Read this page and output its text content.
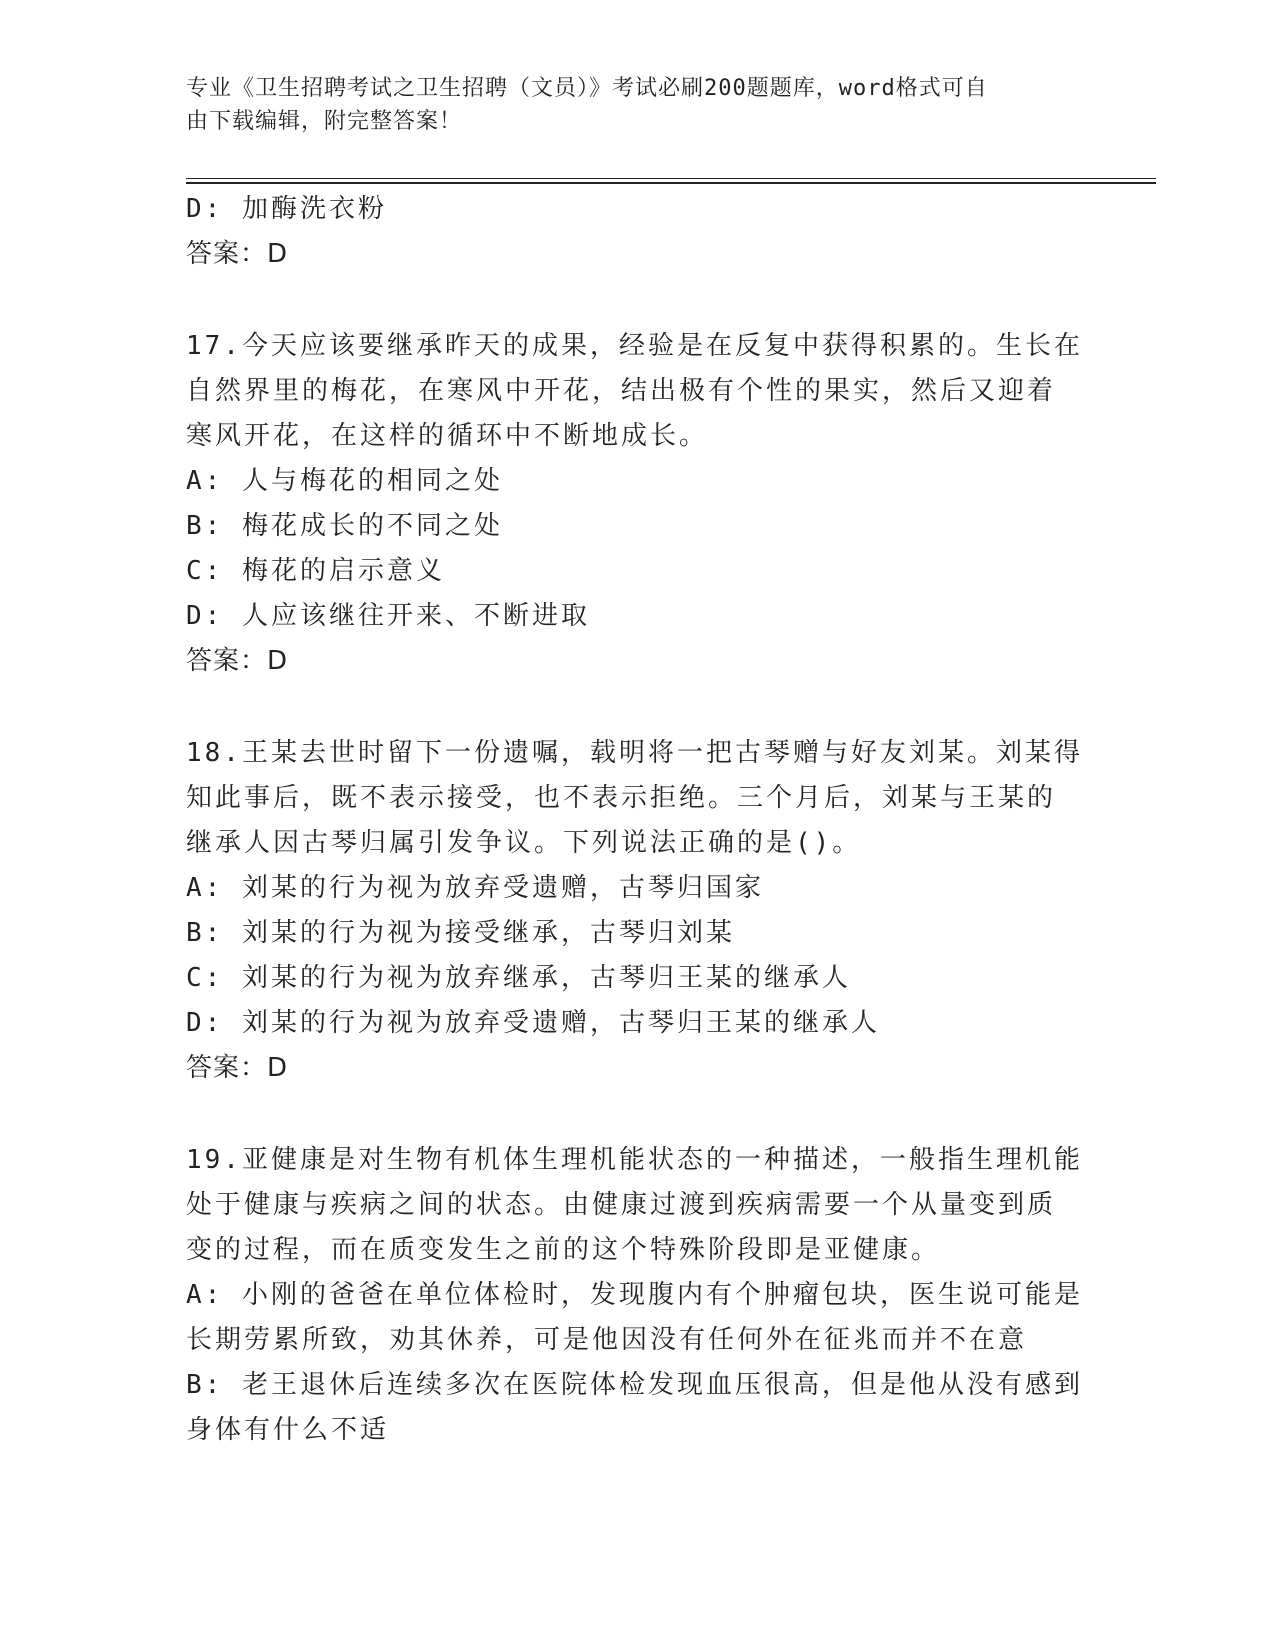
专业《卫生招聘考试之卫生招聘（文员）》考试必刷200题题库，word格式可自
由下载编辑，附完整答案！
D: 加酶洗衣粉
答案：D
17.今天应该要继承昨天的成果，经验是在反复中获得积累的。生长在
自然界里的梅花，在寒风中开花，结出极有个性的果实，然后又迎着
寒风开花，在这样的循环中不断地成长。
A: 人与梅花的相同之处
B: 梅花成长的不同之处
C: 梅花的启示意义
D: 人应该继往开来、不断进取
答案：D
18.王某去世时留下一份遗嘱，载明将一把古琴赠与好友刘某。刘某得
知此事后，既不表示接受，也不表示拒绝。三个月后，刘某与王某的
继承人因古琴归属引发争议。下列说法正确的是()。
A: 刘某的行为视为放弃受遗赠，古琴归国家
B: 刘某的行为视为接受继承，古琴归刘某
C: 刘某的行为视为放弃继承，古琴归王某的继承人
D: 刘某的行为视为放弃受遗赠，古琴归王某的继承人
答案：D
19.亚健康是对生物有机体生理机能状态的一种描述，一般指生理机能
处于健康与疾病之间的状态。由健康过渡到疾病需要一个从量变到质
变的过程，而在质变发生之前的这个特殊阶段即是亚健康。
A: 小刚的爸爸在单位体检时，发现腹内有个肿瘤包块，医生说可能是
长期劳累所致，劝其休养，可是他因没有任何外在征兆而并不在意
B: 老王退休后连续多次在医院体检发现血压很高，但是他从没有感到
身体有什么不适
